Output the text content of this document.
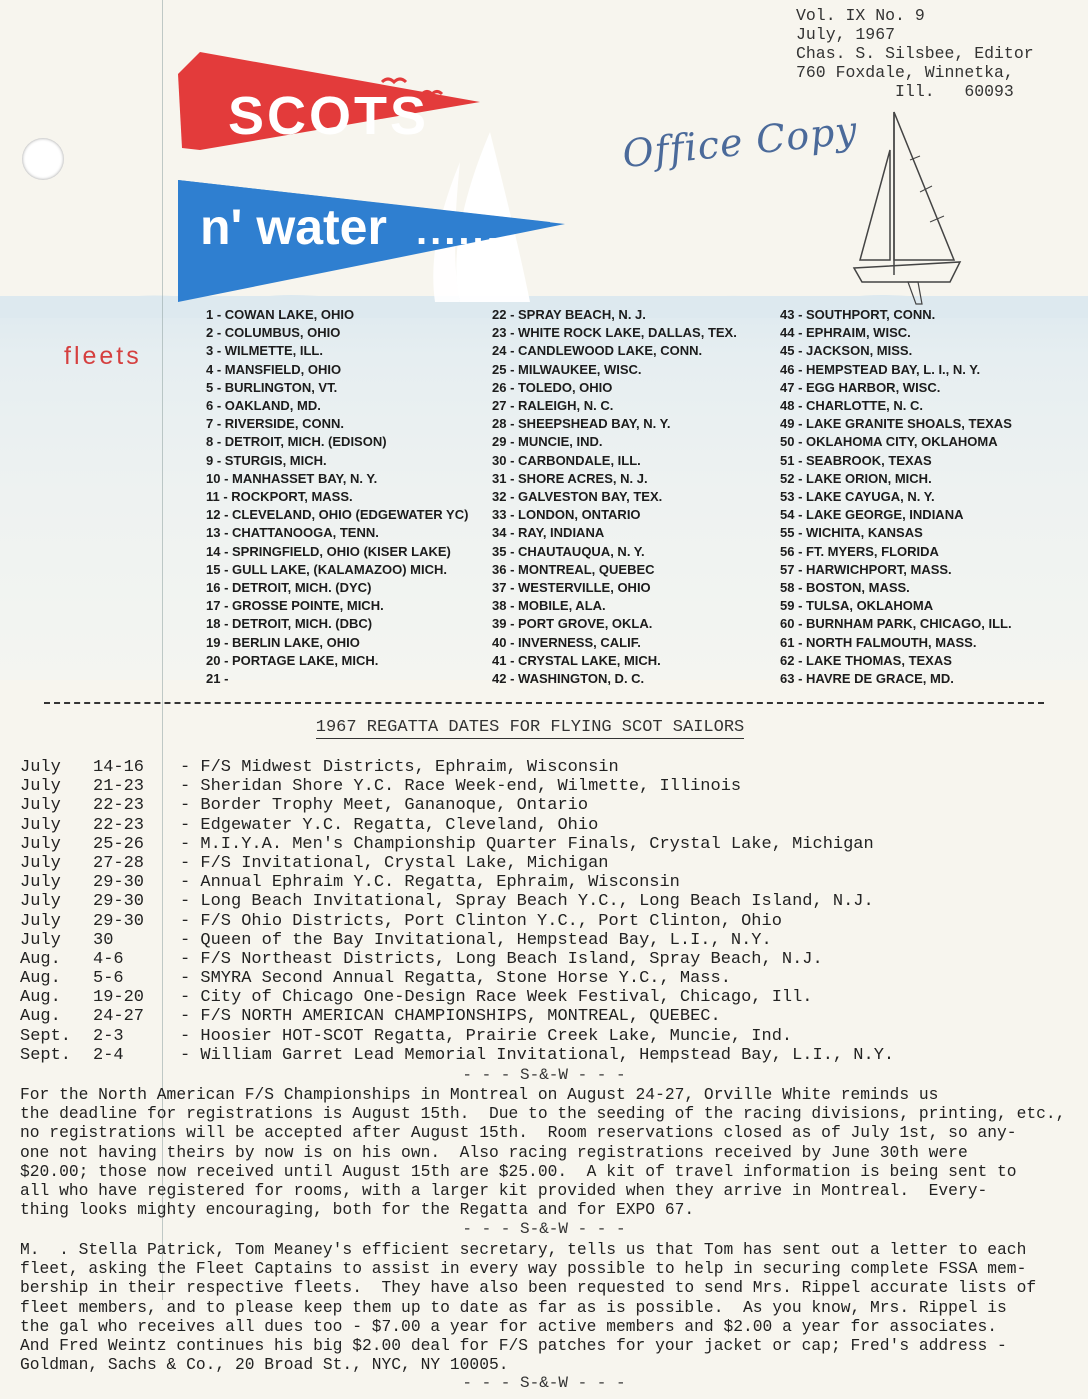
Vol. IX No. 9
July, 1967
Chas. S. Silsbee, Editor
760 Foxdale, Winnetka,
Ill.   60093
SCOTS
n' water ......
Office Copy
fleets
1 - COWAN LAKE, OHIO
2 - COLUMBUS, OHIO
3 - WILMETTE, ILL.
4 - MANSFIELD, OHIO
5 - BURLINGTON, VT.
6 - OAKLAND, MD.
7 - RIVERSIDE, CONN.
8 - DETROIT, MICH. (EDISON)
9 - STURGIS, MICH.
10 - MANHASSET BAY, N. Y.
11 - ROCKPORT, MASS.
12 - CLEVELAND, OHIO (EDGEWATER YC)
13 - CHATTANOOGA, TENN.
14 - SPRINGFIELD, OHIO (KISER LAKE)
15 - GULL LAKE, (KALAMAZOO) MICH.
16 - DETROIT, MICH. (DYC)
17 - GROSSE POINTE, MICH.
18 - DETROIT, MICH. (DBC)
19 - BERLIN LAKE, OHIO
20 - PORTAGE LAKE, MICH.
21 -
22 - SPRAY BEACH, N. J.
23 - WHITE ROCK LAKE, DALLAS, TEX.
24 - CANDLEWOOD LAKE, CONN.
25 - MILWAUKEE, WISC.
26 - TOLEDO, OHIO
27 - RALEIGH, N. C.
28 - SHEEPSHEAD BAY, N. Y.
29 - MUNCIE, IND.
30 - CARBONDALE, ILL.
31 - SHORE ACRES, N. J.
32 - GALVESTON BAY, TEX.
33 - LONDON, ONTARIO
34 - RAY, INDIANA
35 - CHAUTAUQUA, N. Y.
36 - MONTREAL, QUEBEC
37 - WESTERVILLE, OHIO
38 - MOBILE, ALA.
39 - PORT GROVE, OKLA.
40 - INVERNESS, CALIF.
41 - CRYSTAL LAKE, MICH.
42 - WASHINGTON, D. C.
43 - SOUTHPORT, CONN.
44 - EPHRAIM, WISC.
45 - JACKSON, MISS.
46 - HEMPSTEAD BAY, L. I., N. Y.
47 - EGG HARBOR, WISC.
48 - CHARLOTTE, N. C.
49 - LAKE GRANITE SHOALS, TEXAS
50 - OKLAHOMA CITY, OKLAHOMA
51 - SEABROOK, TEXAS
52 - LAKE ORION, MICH.
53 - LAKE CAYUGA, N. Y.
54 - LAKE GEORGE, INDIANA
55 - WICHITA, KANSAS
56 - FT. MYERS, FLORIDA
57 - HARWICHPORT, MASS.
58 - BOSTON, MASS.
59 - TULSA, OKLAHOMA
60 - BURNHAM PARK, CHICAGO, ILL.
61 - NORTH FALMOUTH, MASS.
62 - LAKE THOMAS, TEXAS
63 - HAVRE DE GRACE, MD.
1967 REGATTA DATES FOR FLYING SCOT SAILORS
July	14-16	- F/S Midwest Districts, Ephraim, Wisconsin
July	21-23	- Sheridan Shore Y.C. Race Week-end, Wilmette, Illinois
July	22-23	- Border Trophy Meet, Gananoque, Ontario
July	22-23	- Edgewater Y.C. Regatta, Cleveland, Ohio
July	25-26	- M.I.Y.A. Men's Championship Quarter Finals, Crystal Lake, Michigan
July	27-28	- F/S Invitational, Crystal Lake, Michigan
July	29-30	- Annual Ephraim Y.C. Regatta, Ephraim, Wisconsin
July	29-30	- Long Beach Invitational, Spray Beach Y.C., Long Beach Island, N.J.
July	29-30	- F/S Ohio Districts, Port Clinton Y.C., Port Clinton, Ohio
July	30	- Queen of the Bay Invitational, Hempstead Bay, L.I., N.Y.
Aug.	4-6	- F/S Northeast Districts, Long Beach Island, Spray Beach, N.J.
Aug.	5-6	- SMYRA Second Annual Regatta, Stone Horse Y.C., Mass.
Aug.	19-20	- City of Chicago One-Design Race Week Festival, Chicago, Ill.
Aug.	24-27	- F/S NORTH AMERICAN CHAMPIONSHIPS, MONTREAL, QUEBEC.
Sept.	2-3	- Hoosier HOT-SCOT Regatta, Prairie Creek Lake, Muncie, Ind.
Sept.	2-4	- William Garret Lead Memorial Invitational, Hempstead Bay, L.I., N.Y.
- - - S-&-W - - -

For the North American F/S Championships in Montreal on August 24-27, Orville White reminds us
the deadline for registrations is August 15th.  Due to the seeding of the racing divisions, printing, etc.,
no registrations will be accepted after August 15th.  Room reservations closed as of July 1st, so any-
one not having theirs by now is on his own.  Also racing registrations received by June 30th were
$20.00; those now received until August 15th are $25.00.  A kit of travel information is being sent to
all who have registered for rooms, with a larger kit provided when they arrive in Montreal.  Every-
thing looks mighty encouraging, both for the Regatta and for EXPO 67.

- - - S-&-W - - -

M.  . Stella Patrick, Tom Meaney's efficient secretary, tells us that Tom has sent out a letter to each
fleet, asking the Fleet Captains to assist in every way possible to help in securing complete FSSA mem-
bership in their respective fleets.  They have also been requested to send Mrs. Rippel accurate lists of
fleet members, and to please keep them up to date as far as is possible.  As you know, Mrs. Rippel is
the gal who receives all dues too - $7.00 a year for active members and $2.00 a year for associates.
And Fred Weintz continues his big $2.00 deal for F/S patches for your jacket or cap; Fred's address -
Goldman, Sachs & Co., 20 Broad St., NYC, NY 10005.

- - - S-&-W - - -
